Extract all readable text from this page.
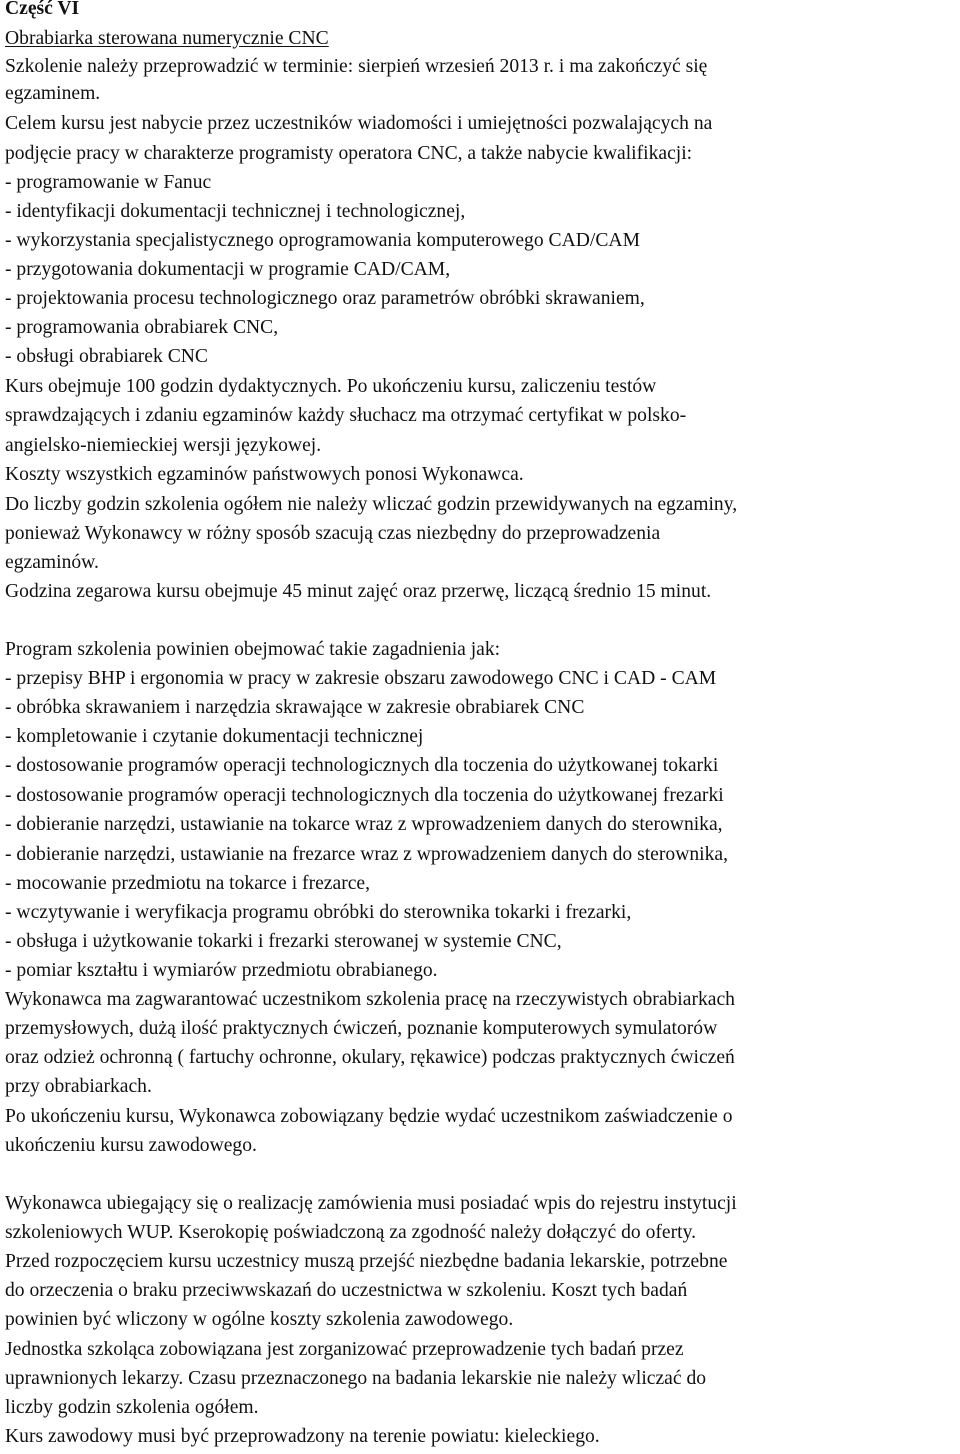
Część VI
Obrabiarka sterowana numerycznie CNC
Szkolenie należy przeprowadzić w terminie: sierpień wrzesień 2013 r. i ma zakończyć się
egzaminem.
Celem kursu jest nabycie przez uczestników wiadomości i umiejętności pozwalających na
podjęcie pracy w charakterze programisty operatora CNC, a także nabycie kwalifikacji:
- programowanie w Fanuc
- identyfikacji dokumentacji technicznej i technologicznej,
- wykorzystania specjalistycznego oprogramowania komputerowego CAD/CAM
- przygotowania dokumentacji w programie CAD/CAM,
- projektowania procesu technologicznego oraz parametrów obróbki skrawaniem,
- programowania obrabiarek CNC,
- obsługi obrabiarek CNC
Kurs obejmuje 100 godzin dydaktycznych. Po ukończeniu kursu, zaliczeniu testów
sprawdzających i zdaniu egzaminów każdy słuchacz ma otrzymać certyfikat w polsko-
angielsko-niemieckiej wersji językowej.
Koszty wszystkich egzaminów państwowych ponosi Wykonawca.
Do liczby godzin szkolenia ogółem nie należy wliczać godzin przewidywanych na egzaminy,
ponieważ Wykonawcy w różny sposób szacują czas niezbędny do przeprowadzenia
egzaminów.
Godzina zegarowa kursu obejmuje 45 minut zajęć oraz przerwę, liczącą średnio 15 minut.
Program szkolenia powinien obejmować takie zagadnienia jak:
- przepisy BHP i ergonomia w pracy w zakresie obszaru zawodowego CNC i CAD - CAM
- obróbka skrawaniem i narzędzia skrawające w zakresie obrabiarek CNC
- kompletowanie i czytanie dokumentacji technicznej
- dostosowanie programów operacji technologicznych dla toczenia do użytkowanej tokarki
- dostosowanie programów operacji technologicznych dla toczenia do użytkowanej frezarki
- dobieranie narzędzi, ustawianie na tokarce wraz z wprowadzeniem danych do sterownika,
- dobieranie narzędzi, ustawianie na frezarce wraz z wprowadzeniem danych do sterownika,
- mocowanie przedmiotu na tokarce i frezarce,
- wczytywanie i weryfikacja programu obróbki do sterownika tokarki i frezarki,
- obsługa i użytkowanie tokarki i frezarki sterowanej w systemie CNC,
- pomiar kształtu i wymiarów przedmiotu obrabianego.
Wykonawca ma zagwarantować uczestnikom szkolenia pracę na rzeczywistych obrabiarkach
przemysłowych, dużą ilość praktycznych ćwiczeń, poznanie komputerowych symulatorów
oraz odzież ochronną ( fartuchy ochronne, okulary, rękawice) podczas praktycznych ćwiczeń
przy obrabiarkach.
Po ukończeniu kursu, Wykonawca zobowiązany będzie wydać uczestnikom zaświadczenie o
ukończeniu kursu zawodowego.
Wykonawca ubiegający się o realizację zamówienia musi posiadać wpis do rejestru instytucji
szkoleniowych WUP. Kserokopię poświadczoną za zgodność należy dołączyć do oferty.
Przed rozpoczęciem kursu uczestnicy muszą przejść niezbędne badania lekarskie, potrzebne
do orzeczenia o braku przeciwwskazań do uczestnictwa w szkoleniu. Koszt tych badań
powinien być wliczony w ogólne koszty szkolenia zawodowego.
Jednostka szkoląca zobowiązana jest zorganizować przeprowadzenie tych badań przez
uprawnionych lekarzy. Czasu przeznaczonego na badania lekarskie nie należy wliczać do
liczby godzin szkolenia ogółem.
Kurs zawodowy musi być przeprowadzony na terenie powiatu: kieleckiego.
